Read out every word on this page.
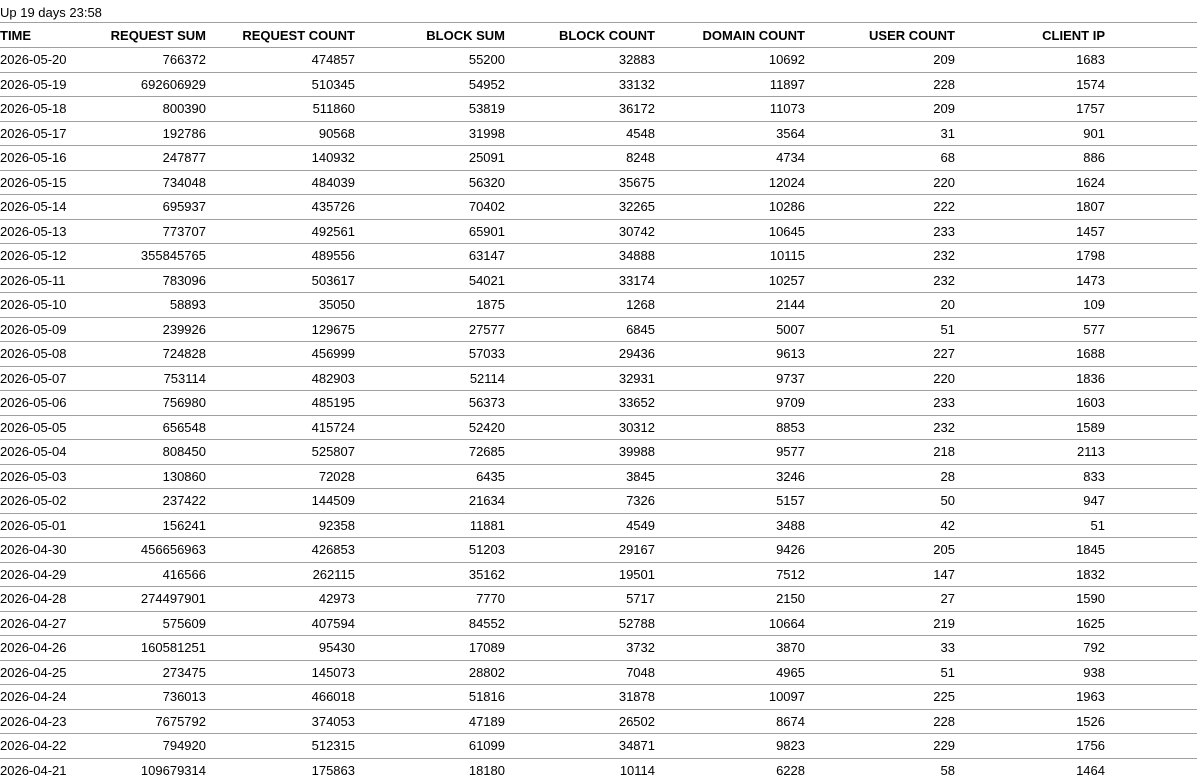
Up 19 days 23:58
TIME	REQUEST SUM	REQUEST COUNT	BLOCK SUM	BLOCK COUNT	DOMAIN COUNT	USER COUNT	CLIENT IP	
2026-05-20	766372	474857	55200	32883	10692	209	1683	
2026-05-19	692606929	510345	54952	33132	11897	228	1574	
2026-05-18	800390	511860	53819	36172	11073	209	1757	
2026-05-17	192786	90568	31998	4548	3564	31	901	
2026-05-16	247877	140932	25091	8248	4734	68	886	
2026-05-15	734048	484039	56320	35675	12024	220	1624	
2026-05-14	695937	435726	70402	32265	10286	222	1807	
2026-05-13	773707	492561	65901	30742	10645	233	1457	
2026-05-12	355845765	489556	63147	34888	10115	232	1798	
2026-05-11	783096	503617	54021	33174	10257	232	1473	
2026-05-10	58893	35050	1875	1268	2144	20	109	
2026-05-09	239926	129675	27577	6845	5007	51	577	
2026-05-08	724828	456999	57033	29436	9613	227	1688	
2026-05-07	753114	482903	52114	32931	9737	220	1836	
2026-05-06	756980	485195	56373	33652	9709	233	1603	
2026-05-05	656548	415724	52420	30312	8853	232	1589	
2026-05-04	808450	525807	72685	39988	9577	218	2113	
2026-05-03	130860	72028	6435	3845	3246	28	833	
2026-05-02	237422	144509	21634	7326	5157	50	947	
2026-05-01	156241	92358	11881	4549	3488	42	51	
2026-04-30	456656963	426853	51203	29167	9426	205	1845	
2026-04-29	416566	262115	35162	19501	7512	147	1832	
2026-04-28	274497901	42973	7770	5717	2150	27	1590	
2026-04-27	575609	407594	84552	52788	10664	219	1625	
2026-04-26	160581251	95430	17089	3732	3870	33	792	
2026-04-25	273475	145073	28802	7048	4965	51	938	
2026-04-24	736013	466018	51816	31878	10097	225	1963	
2026-04-23	7675792	374053	47189	26502	8674	228	1526	
2026-04-22	794920	512315	61099	34871	9823	229	1756	
2026-04-21	109679314	175863	18180	10114	6228	58	1464	
